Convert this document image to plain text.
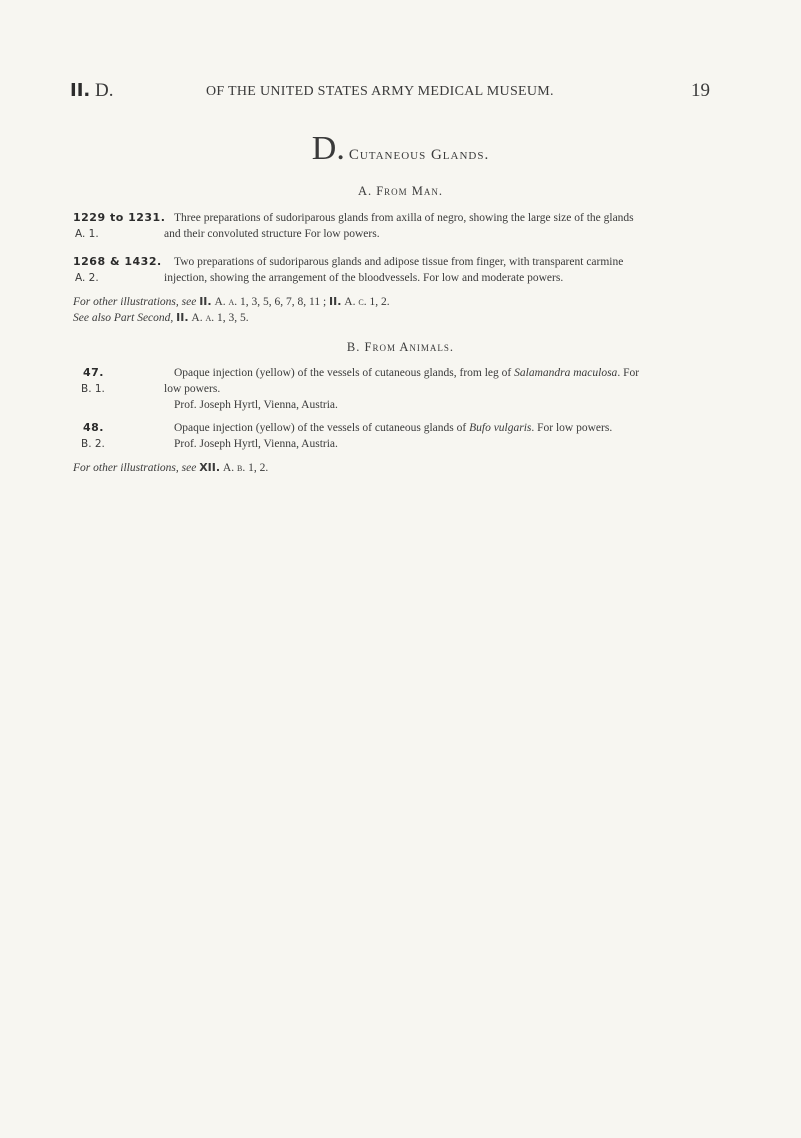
II. D.	OF THE UNITED STATES ARMY MEDICAL MUSEUM.	19
D. Cutaneous Glands.
A. From Man.
1229 to 1231.
A. 1.
Three preparations of sudoriparous glands from axilla of negro, showing the large size of the glands
and their convoluted structure For low powers.
1268 & 1432.
A. 2.
Two preparations of sudoriparous glands and adipose tissue from finger, with transparent carmine
injection, showing the arrangement of the bloodvessels. For low and moderate powers.
For other illustrations, see II. A. a. 1, 3, 5, 6, 7, 8, 11 ; II. A. c. 1, 2.
See also Part Second, II. A. a. 1, 3, 5.
B. From Animals.
47.
B. 1.
Opaque injection (yellow) of the vessels of cutaneous glands, from leg of Salamandra maculosa. For
low powers.
Prof. Joseph Hyrtl, Vienna, Austria.
48.
B. 2.
Opaque injection (yellow) of the vessels of cutaneous glands of Bufo vulgaris. For low powers.
Prof. Joseph Hyrtl, Vienna, Austria.
For other illustrations, see XII. A. b. 1, 2.
